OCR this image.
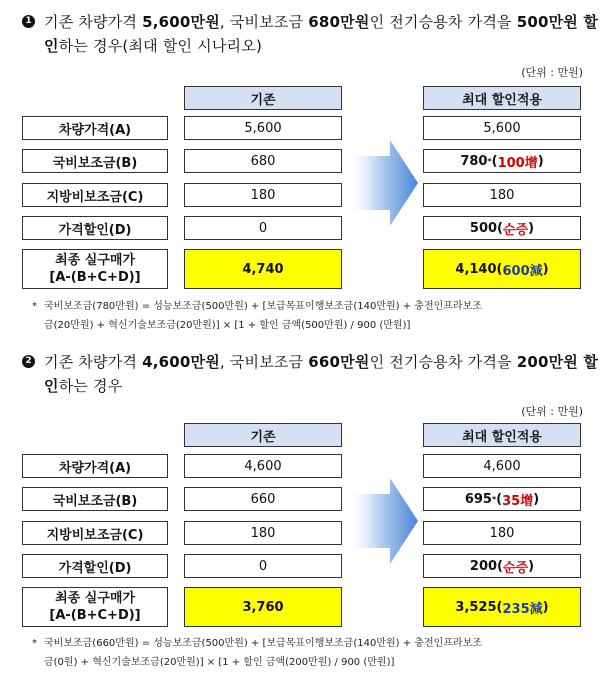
1 기존 차량가격 5,600만원, 국비보조금 680만원인 전기승용차 가격을 500만원 할인하는 경우(최대 할인 시나리오)
(단위 : 만원)
기존	최대 할인적용
차량가격(A)	5,600	5,600
국비보조금(B)	680	780 * ( 100增 )
지방비보조금(C)	180	180
가격할인(D)	0	500 ( 순증 )
최종 실구매가
[A-(B+C+D)]
4,740	4,140 ( 600減 )
* 국비보조금(780만원) = 성능보조금(500만원) + [보급목표이행보조금(140만원) + 충전인프라보조
금(20만원) + 혁신기술보조금(20만원)] × [1 + 할인 금액(500만원) / 900 (만원)]
2 기존 차량가격 4,600만원, 국비보조금 660만원인 전기승용차 가격을 200만원 할인하는 경우
(단위 : 만원)
기존	최대 할인적용
차량가격(A)	4,600	4,600
국비보조금(B)	660	695 * ( 35增 )
지방비보조금(C)	180	180
가격할인(D)	0	200 ( 순증 )
최종 실구매가
[A-(B+C+D)]
3,760	3,525 ( 235減 )
* 국비보조금(660만원) = 성능보조금(500만원) + [보급목표이행보조금(140만원) + 충전인프라보조
금(0원) + 혁신기술보조금(20만원)] × [1 + 할인 금액(200만원) / 900 (만원)]
